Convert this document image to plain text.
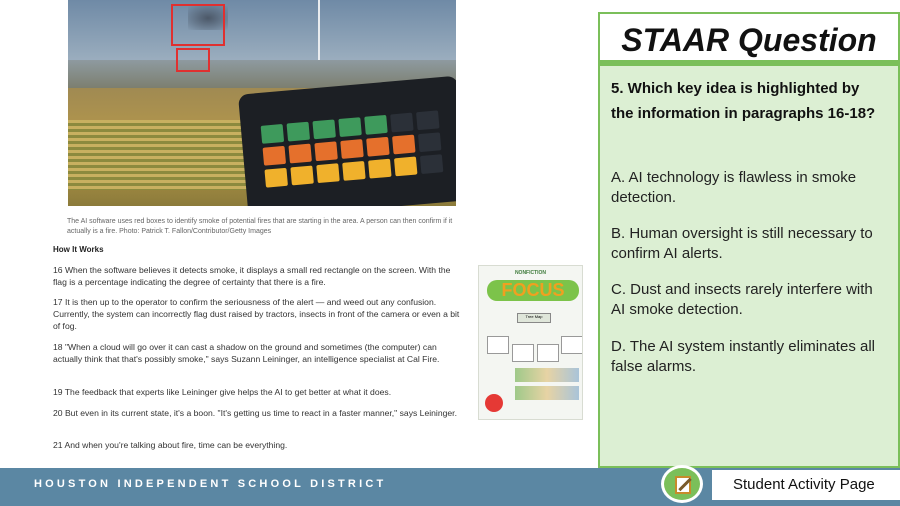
The AI software uses red boxes to identify smoke of potential fires that are starting in the area. A person can then confirm if it actually is a fire. Photo: Patrick T. Fallon/Contributor/Getty Images
How It Works
16 When the software believes it detects smoke, it displays a small red rectangle on the screen. With the flag is a percentage indicating the degree of certainty that there is a fire.
17 It is then up to the operator to confirm the seriousness of the alert — and weed out any confusion. Currently, the system can incorrectly flag dust raised by tractors, insects in front of the camera or even a bit of fog.
18 "When a cloud will go over it can cast a shadow on the ground and sometimes (the computer) can actually think that that's possibly smoke," says Suzann Leininger, an intelligence specialist at Cal Fire.
19 The feedback that experts like Leininger give helps the AI to get better at what it does.
20 But even in its current state, it's a boon. "It's getting us time to react in a faster manner," says Leininger.
21 And when you're talking about fire, time can be everything.
NONFICTION
FOCUS
Tree Map
STAAR Question
5. Which key idea is highlighted by the information in paragraphs 16-18?
A. AI technology is flawless in smoke detection.
B. Human oversight is still necessary to confirm AI alerts.
C. Dust and insects rarely interfere with AI smoke detection.
D. The AI system instantly eliminates all false alarms.
HOUSTON INDEPENDENT SCHOOL DISTRICT	Student Activity Page
